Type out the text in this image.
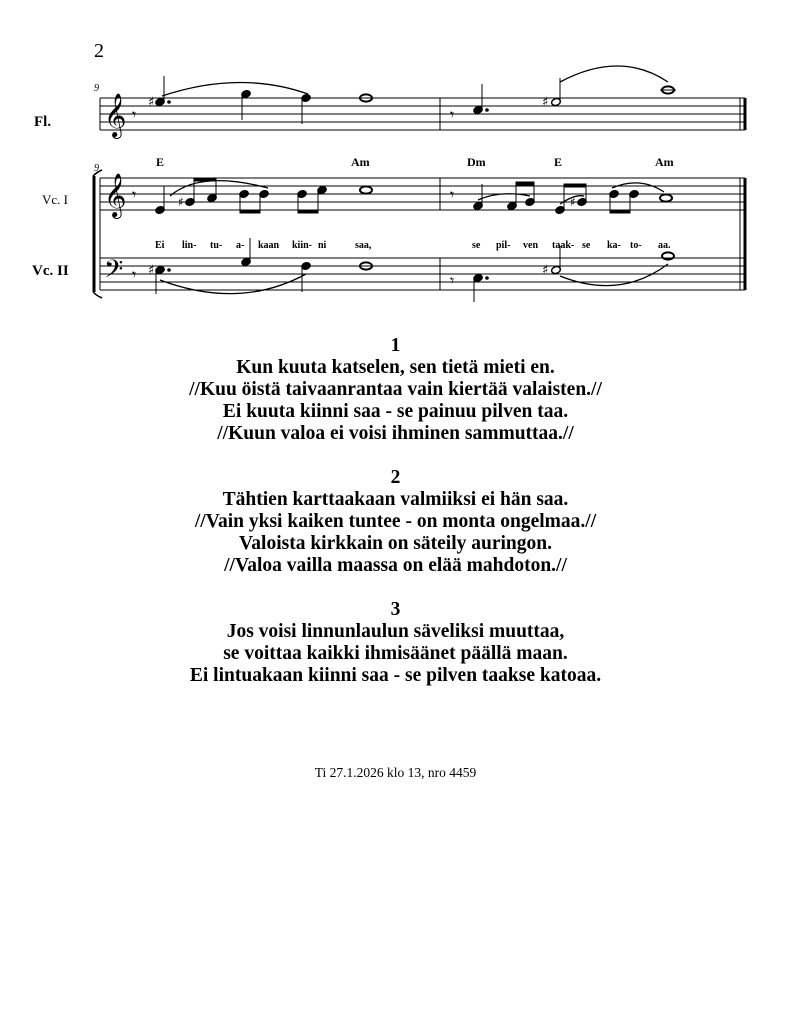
2
9
9
Fl.
Vc. I
Vc. II
𝄞
𝄞
𝄢
𝄾
♯
𝄾
♯
E	Am	Dm	E	Am
𝄾	♯	𝄾	♯
Ei lin- tu- a- kaan kiin- ni	saa,	se pil- ven taak- se ka- to- aa.
𝄾 ♯
𝄾
♯
1
Kun kuuta katselen, sen tietä mieti en.
//Kuu öistä taivaanrantaa vain kiertää valaisten.//
Ei kuuta kiinni saa - se painuu pilven taa.
//Kuun valoa ei voisi ihminen sammuttaa.//
2
Tähtien karttaakaan valmiiksi ei hän saa.
//Vain yksi kaiken tuntee - on monta ongelmaa.//
Valoista kirkkain on säteily auringon.
//Valoa vailla maassa on elää mahdoton.//
3
Jos voisi linnunlaulun säveliksi muuttaa,
se voittaa kaikki ihmisäänet päällä maan.
Ei lintuakaan kiinni saa - se pilven taakse katoaa.
Ti 27.1.2026 klo 13, nro 4459
